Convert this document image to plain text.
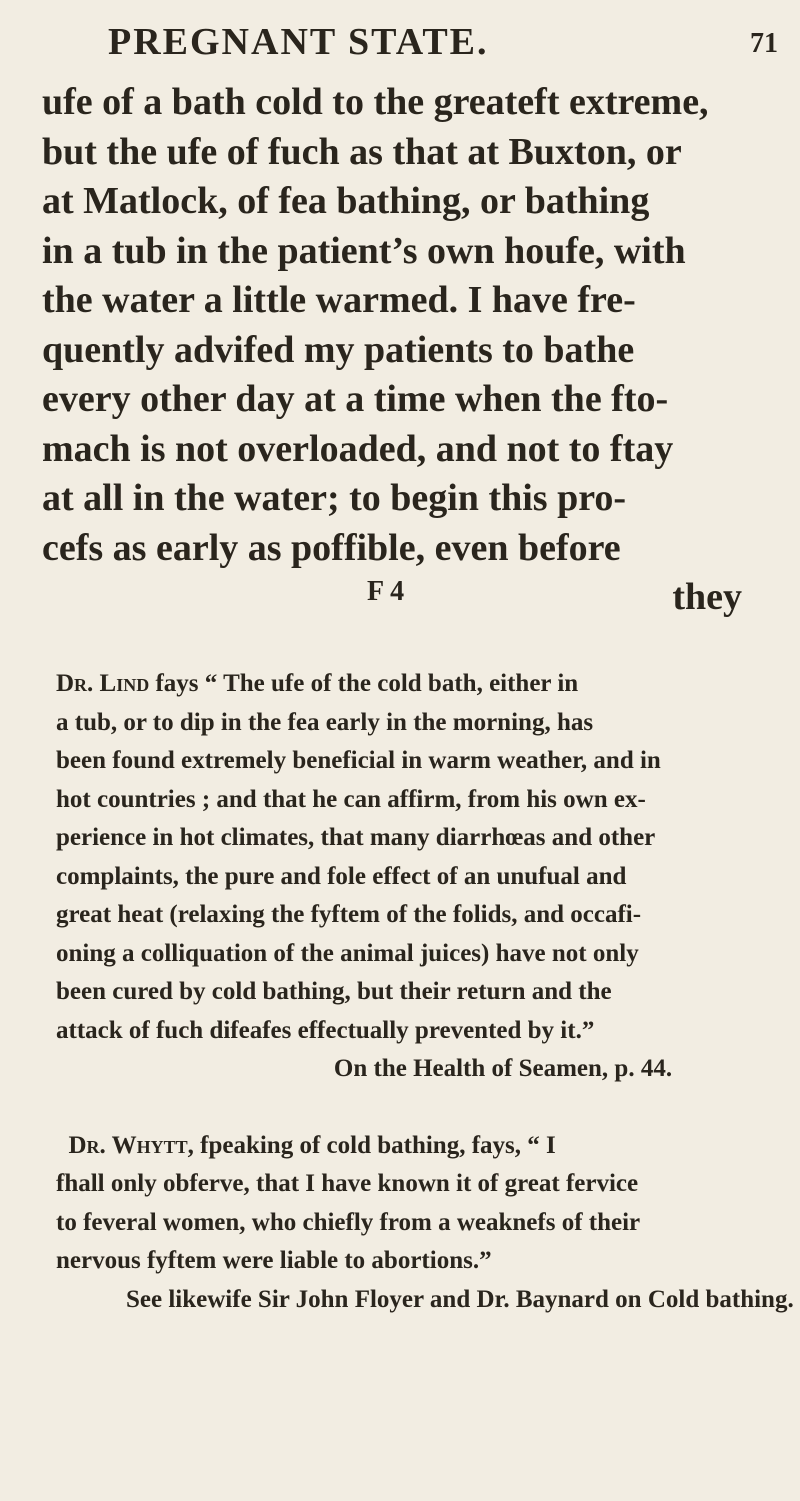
PREGNANT STATE.	71
ufe of a bath cold to the greateft extreme,
but the ufe of fuch as that at Buxton, or
at Matlock, of fea bathing, or bathing
in a tub in the patient’s own houfe, with
the water a little warmed. I have fre-
quently advifed my patients to bathe
every other day at a time when the fto-
mach is not overloaded, and not to ftay
at all in the water; to begin this pro-
cefs as early as poffible, even before
they
F 4
Dr. Lind fays “ The ufe of the cold bath, either in
a tub, or to dip in the fea early in the morning, has
been found extremely beneficial in warm weather, and in
hot countries ; and that he can affirm, from his own ex-
perience in hot climates, that many diarrhœas and other
complaints, the pure and fole effect of an unufual and
great heat (relaxing the fyftem of the folids, and occafi-
oning a colliquation of the animal juices) have not only
been cured by cold bathing, but their return and the
attack of fuch difeafes effectually prevented by it.”
On the Health of Seamen, p. 44.
Dr. Whytt, fpeaking of cold bathing, fays, “ I
fhall only obferve, that I have known it of great fervice
to feveral women, who chiefly from a weaknefs of their
nervous fyftem were liable to abortions.”
See likewife Sir John Floyer and Dr. Baynard on Cold bathing.
